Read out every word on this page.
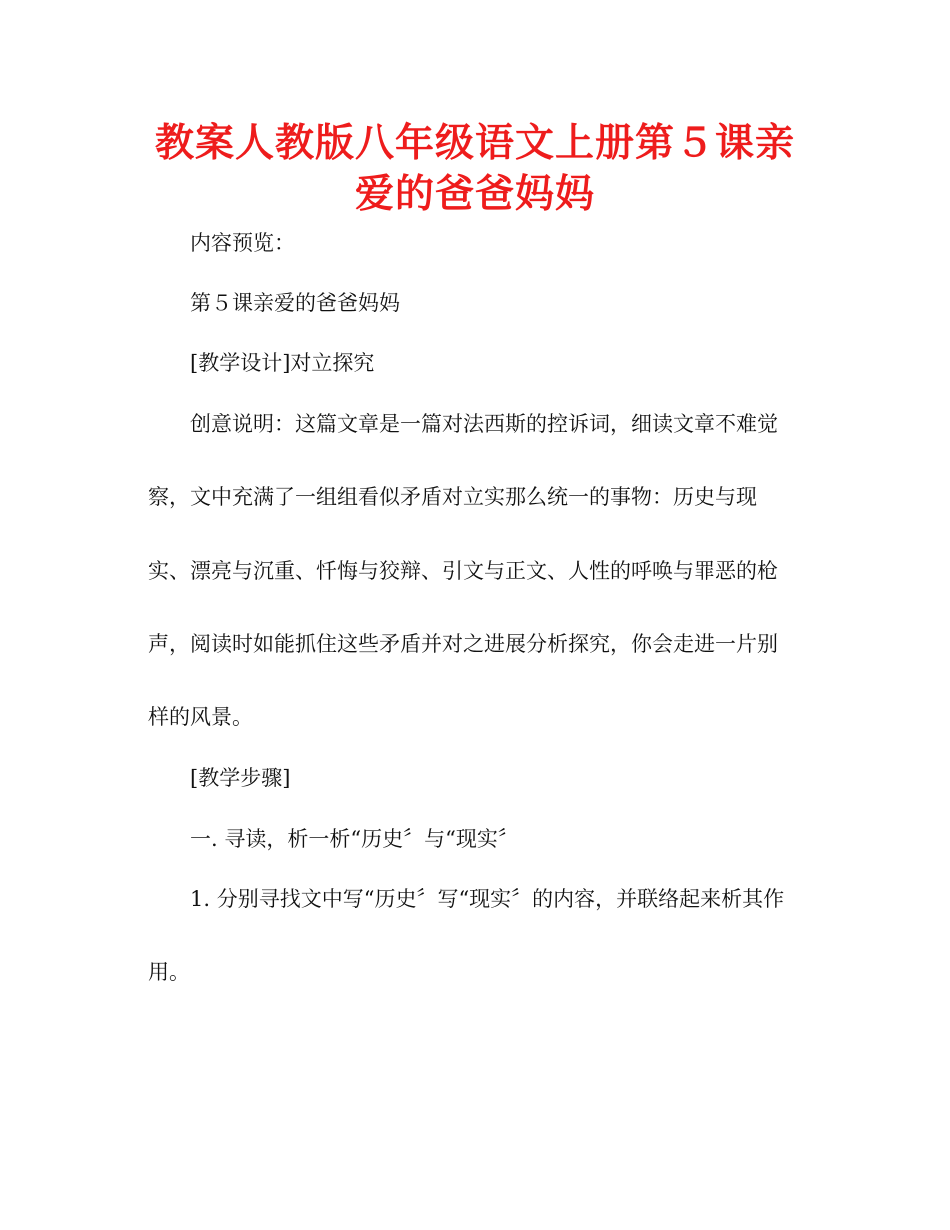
教案人教版八年级语文上册第５课亲爱的爸爸妈妈

内容预览：

第５课亲爱的爸爸妈妈

[教学设计]对立探究

创意说明：这篇文章是一篇对法西斯的控诉词，细读文章不难觉

察，文中充满了一组组看似矛盾对立实那么统一的事物：历史与现

实、漂亮与沉重、忏悔与狡辩、引文与正文、人性的呼唤与罪恶的枪

声，阅读时如能抓住这些矛盾并对之进展分析探究，你会走进一片别

样的风景。

[教学步骤]

一. 寻读，析一析“历史〞与“现实〞

1. 分别寻找文中写“历史〞写“现实〞的内容，并联络起来析其作

用。
